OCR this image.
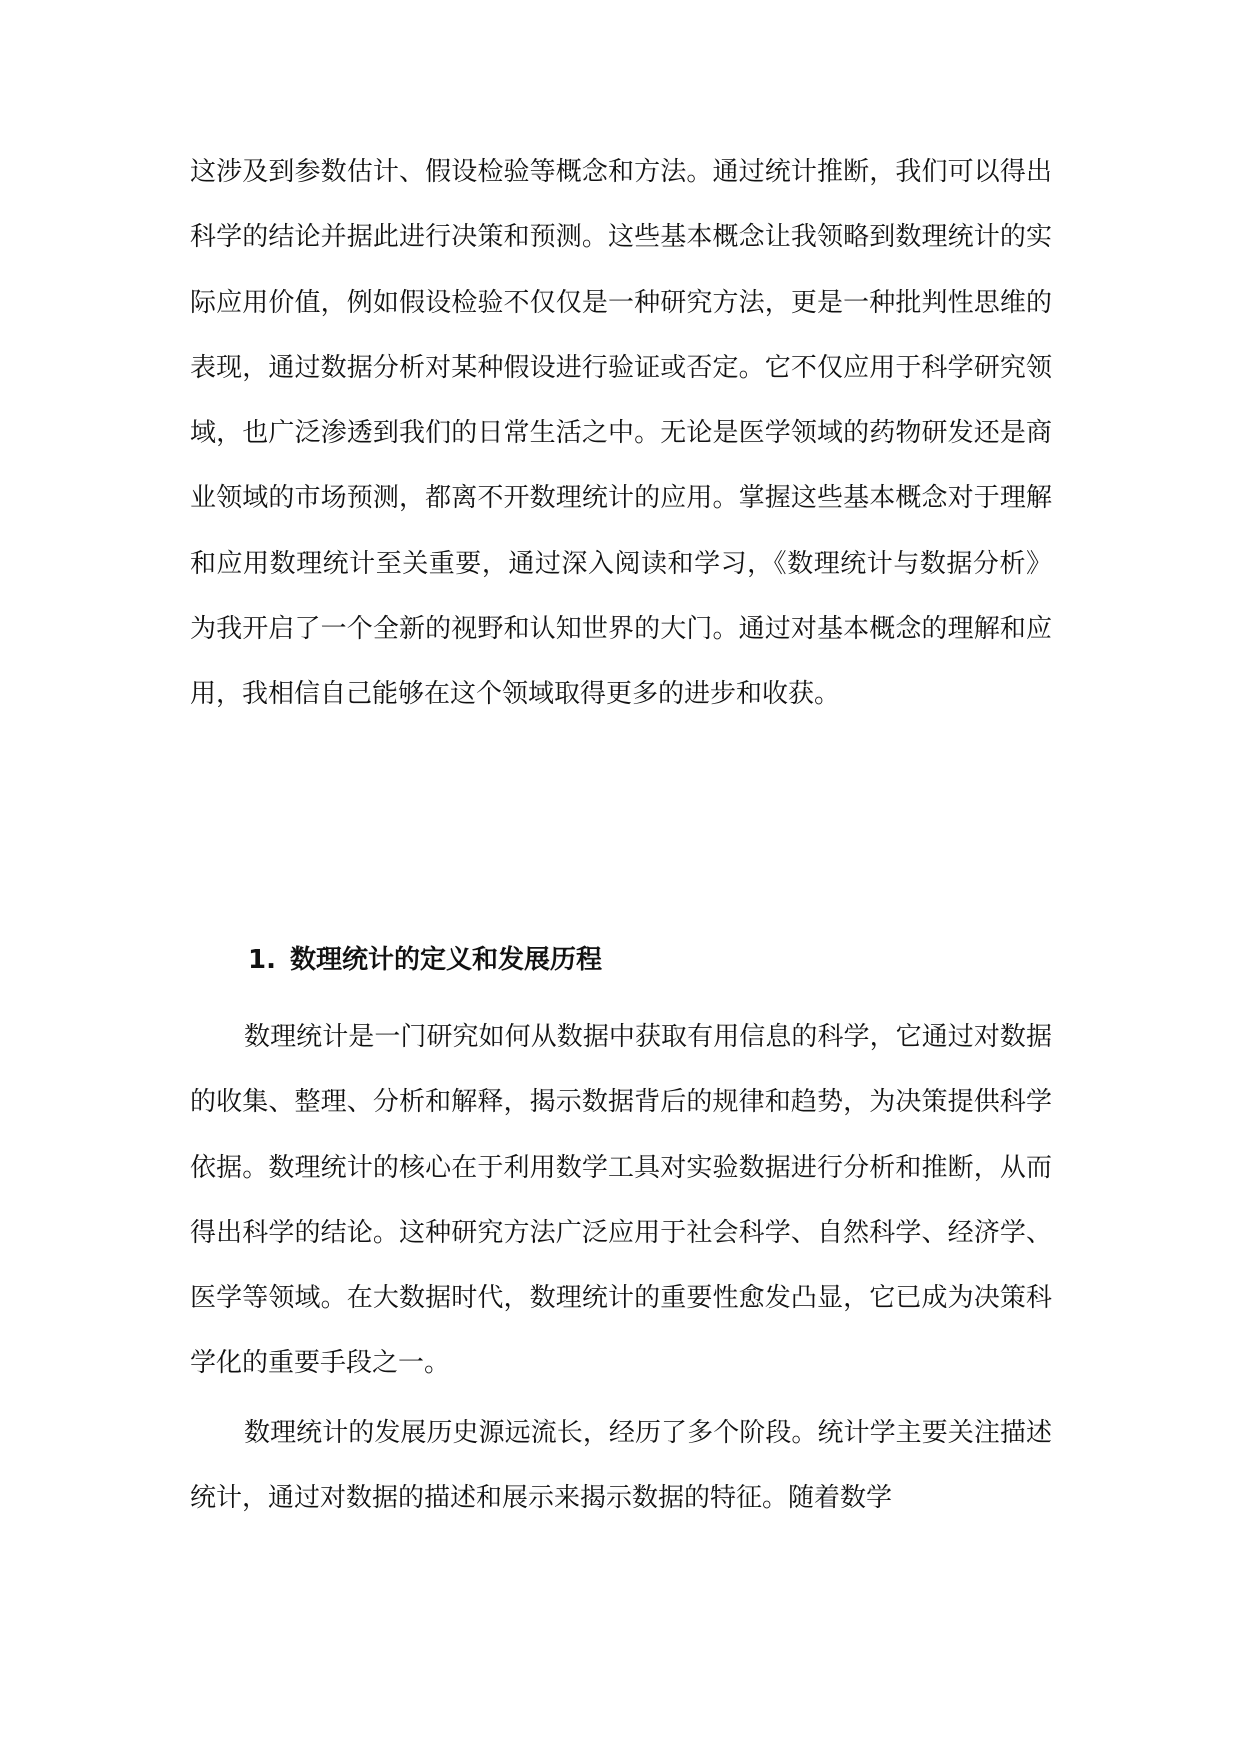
这涉及到参数估计、假设检验等概念和方法。通过统计推断，我们可以得出科学的结论并据此进行决策和预测。这些基本概念让我领略到数理统计的实际应用价值，例如假设检验不仅仅是一种研究方法，更是一种批判性思维的表现，通过数据分析对某种假设进行验证或否定。它不仅应用于科学研究领域，也广泛渗透到我们的日常生活之中。无论是医学领域的药物研发还是商业领域的市场预测，都离不开数理统计的应用。掌握这些基本概念对于理解和应用数理统计至关重要，通过深入阅读和学习，《数理统计与数据分析》为我开启了一个全新的视野和认知世界的大门。通过对基本概念的理解和应用，我相信自己能够在这个领域取得更多的进步和收获。

1. 数理统计的定义和发展历程

数理统计是一门研究如何从数据中获取有用信息的科学，它通过对数据的收集、整理、分析和解释，揭示数据背后的规律和趋势，为决策提供科学依据。数理统计的核心在于利用数学工具对实验数据进行分析和推断，从而得出科学的结论。这种研究方法广泛应用于社会科学、自然科学、经济学、医学等领域。在大数据时代，数理统计的重要性愈发凸显，它已成为决策科学化的重要手段之一。

数理统计的发展历史源远流长，经历了多个阶段。统计学主要关注描述统计，通过对数据的描述和展示来揭示数据的特征。随着数学
